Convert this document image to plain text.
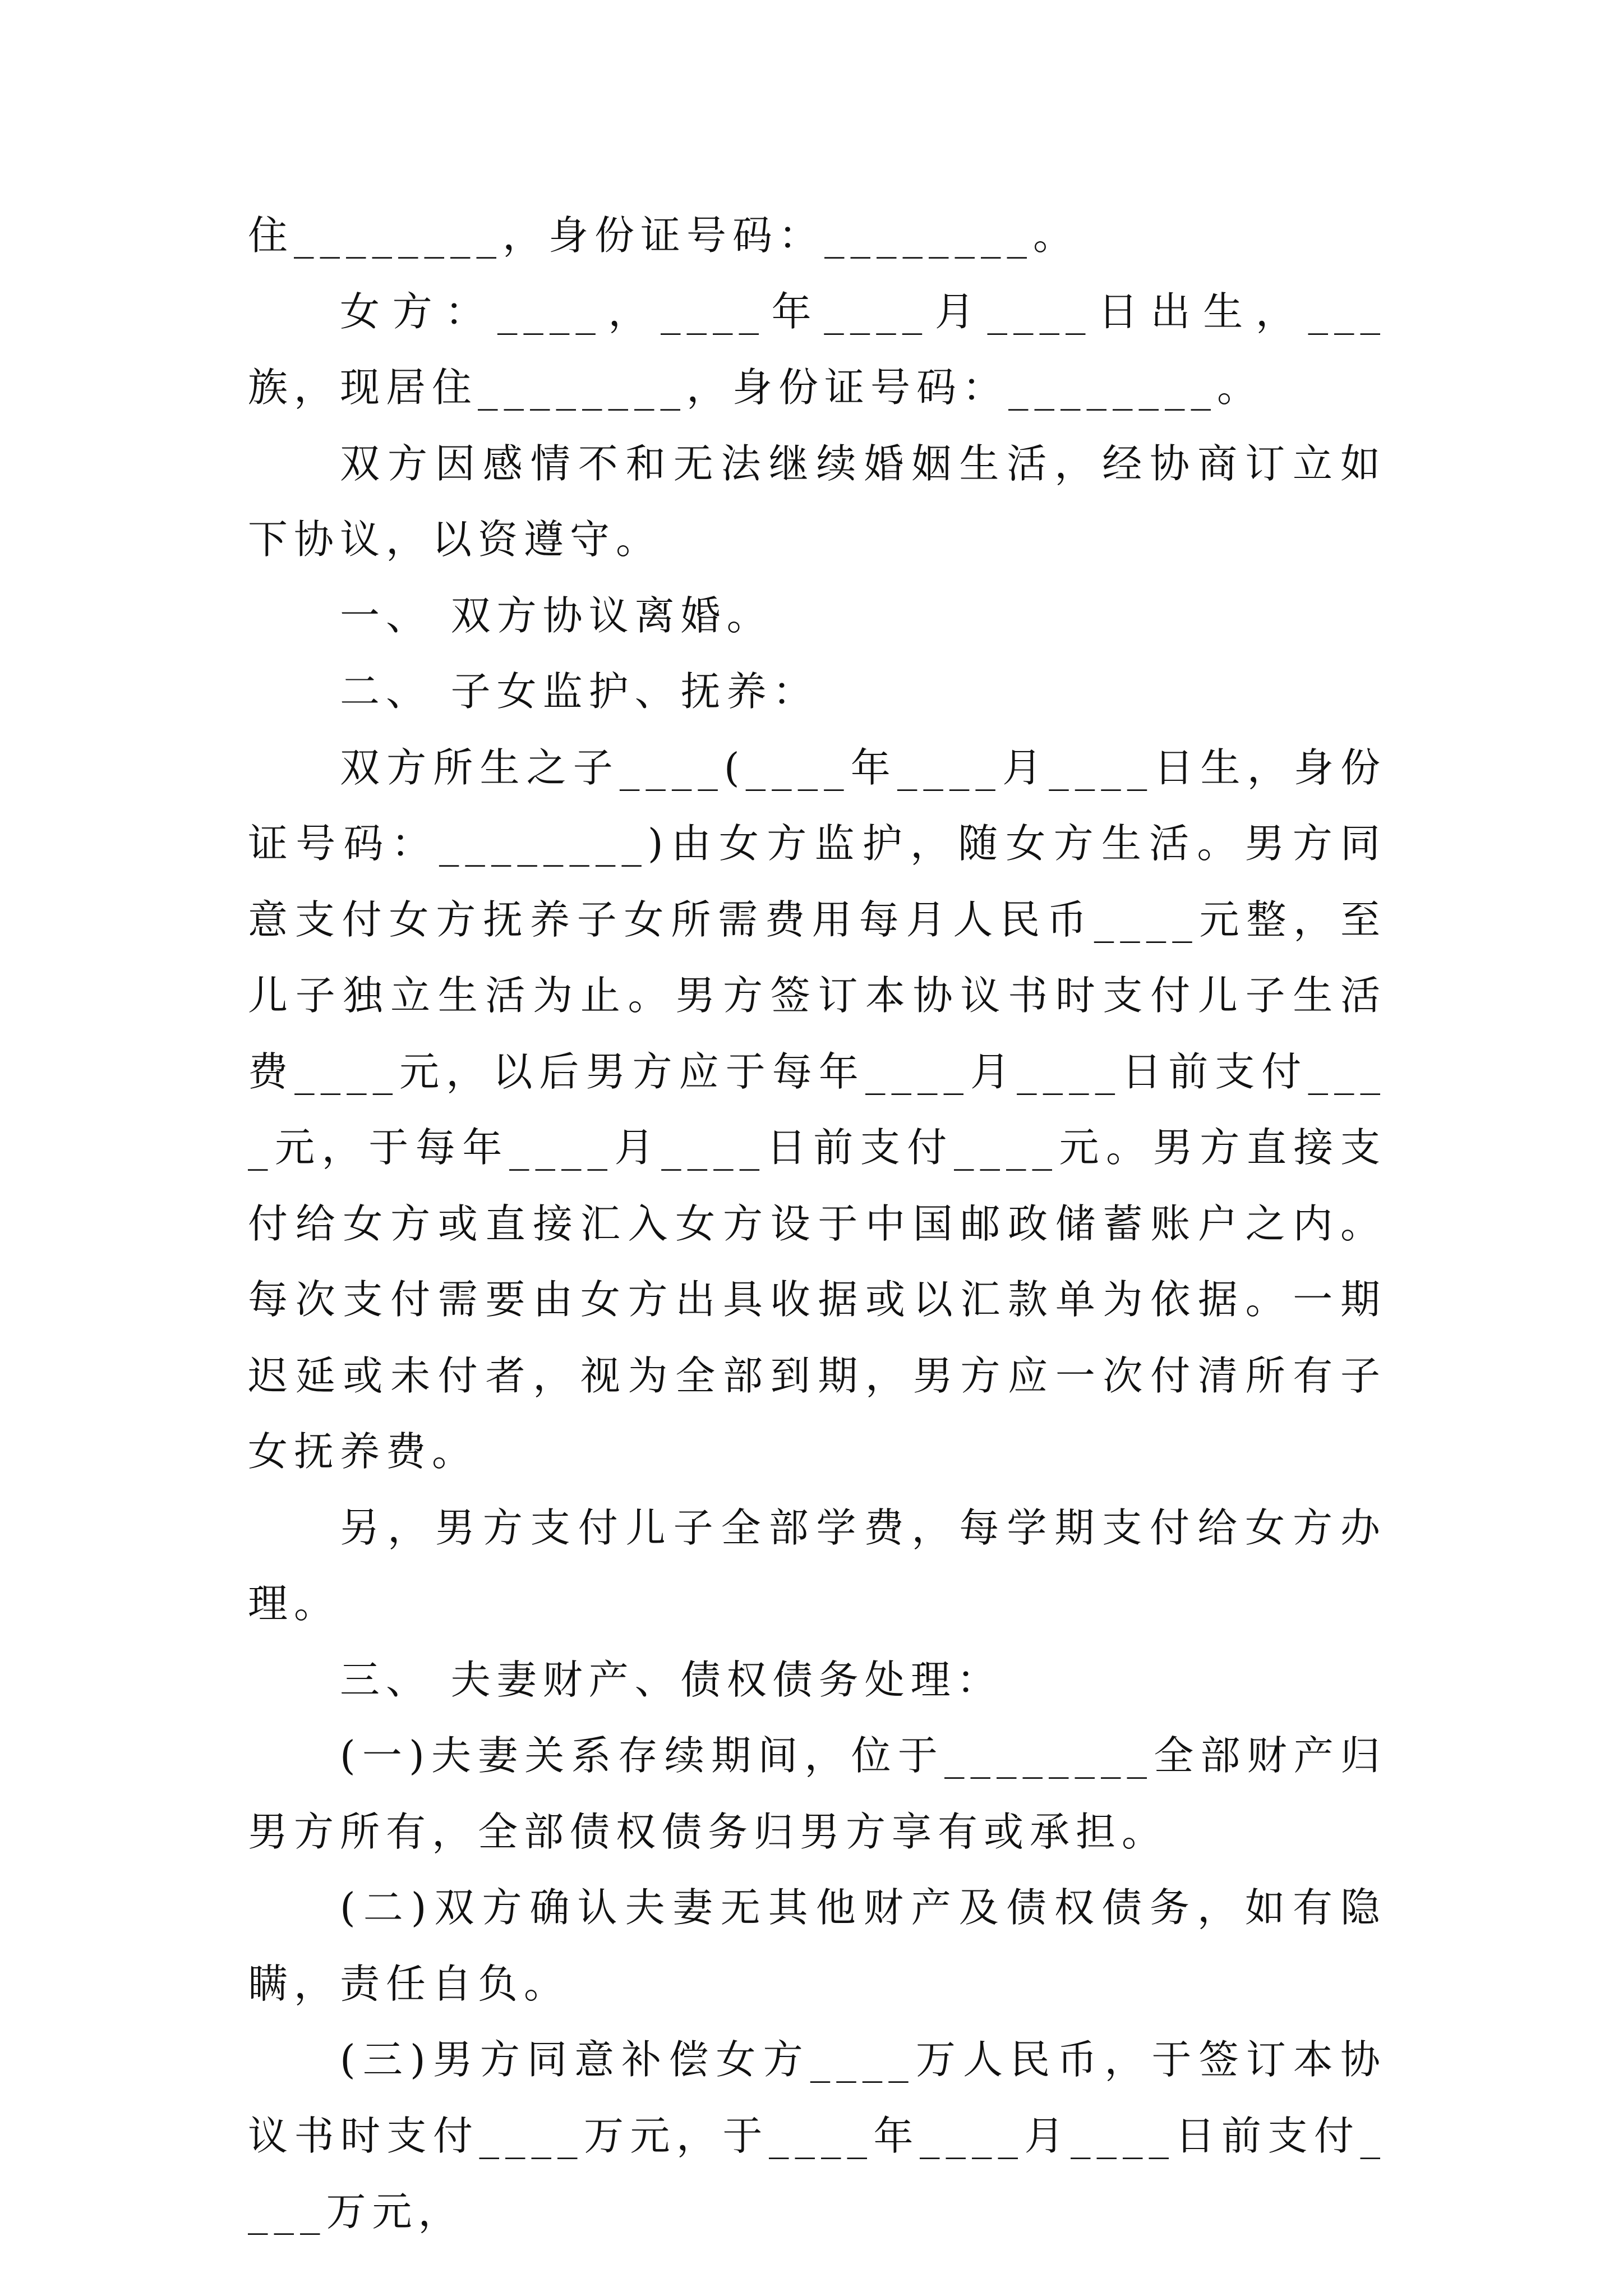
住________，身份证号码：________。

女方：____，____年____月____日出生，___族，现居住________，身份证号码：________。

双方因感情不和无法继续婚姻生活，经协商订立如下协议，以资遵守。

一、 双方协议离婚。

二、 子女监护、抚养：

双方所生之子____(____年____月____日生，身份证号码：________)由女方监护，随女方生活。男方同意支付女方抚养子女所需费用每月人民币____元整，至儿子独立生活为止。男方签订本协议书时支付儿子生活费____元，以后男方应于每年____月____日前支付____元，于每年____月____日前支付____元。男方直接支付给女方或直接汇入女方设于中国邮政储蓄账户之内。每次支付需要由女方出具收据或以汇款单为依据。一期迟延或未付者，视为全部到期，男方应一次付清所有子女抚养费。

另，男方支付儿子全部学费，每学期支付给女方办理。

三、 夫妻财产、债权债务处理：

(一)夫妻关系存续期间，位于________全部财产归男方所有，全部债权债务归男方享有或承担。

(二)双方确认夫妻无其他财产及债权债务，如有隐瞒，责任自负。

(三)男方同意补偿女方____万人民币，于签订本协议书时支付____万元，于____年____月____日前支付____万元，
